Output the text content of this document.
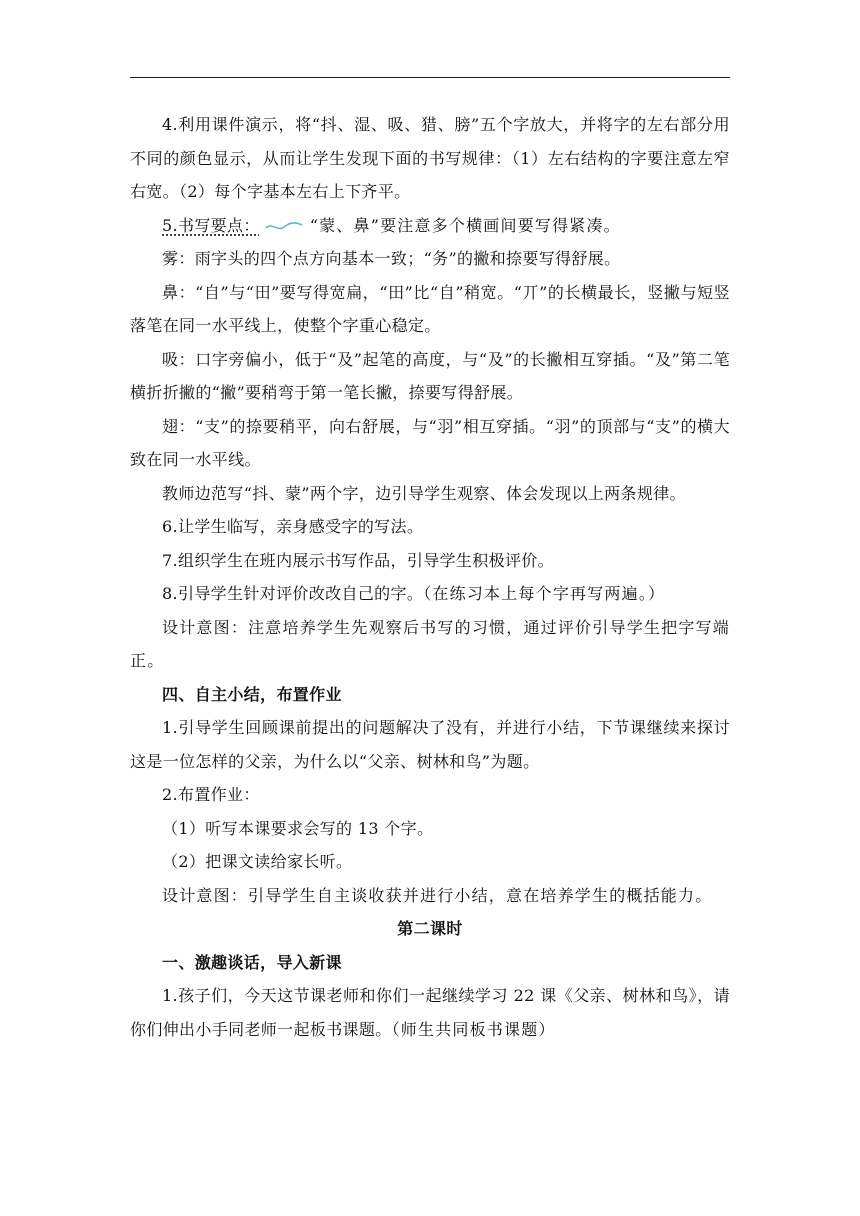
4.利用课件演示，将“抖、湿、吸、猎、膀”五个字放大，并将字的左右部分用不同的颜色显示，从而让学生发现下面的书写规律：（1）左右结构的字要注意左窄右宽。（2）每个字基本左右上下齐平。

5.书写要点：	“蒙、鼻”要注意多个横画间要写得紧凑。

雾：雨字头的四个点方向基本一致；“务”的撇和捺要写得舒展。

鼻：“自”与“田”要写得宽扁，“田”比“自”稍宽。“丌”的长横最长，竖撇与短竖落笔在同一水平线上，使整个字重心稳定。

吸：口字旁偏小，低于“及”起笔的高度，与“及”的长撇相互穿插。“及”第二笔横折折撇的“撇”要稍弯于第一笔长撇，捺要写得舒展。

翅：“支”的捺要稍平，向右舒展，与“羽”相互穿插。“羽”的顶部与“支”的横大致在同一水平线。

教师边范写“抖、蒙”两个字，边引导学生观察、体会发现以上两条规律。

6.让学生临写，亲身感受字的写法。

7.组织学生在班内展示书写作品，引导学生积极评价。

8.引导学生针对评价改改自己的字。（在练习本上每个字再写两遍。）

设计意图：注意培养学生先观察后书写的习惯，通过评价引导学生把字写端正。

四、自主小结，布置作业

1.引导学生回顾课前提出的问题解决了没有，并进行小结，下节课继续来探讨这是一位怎样的父亲，为什么以“父亲、树林和鸟”为题。

2.布置作业：

（1）听写本课要求会写的 13 个字。

（2）把课文读给家长听。

设计意图：引导学生自主谈收获并进行小结，意在培养学生的概括能力。

第二课时

一、激趣谈话，导入新课

1.孩子们，今天这节课老师和你们一起继续学习 22 课《父亲、树林和鸟》，请你们伸出小手同老师一起板书课题。（师生共同板书课题）
